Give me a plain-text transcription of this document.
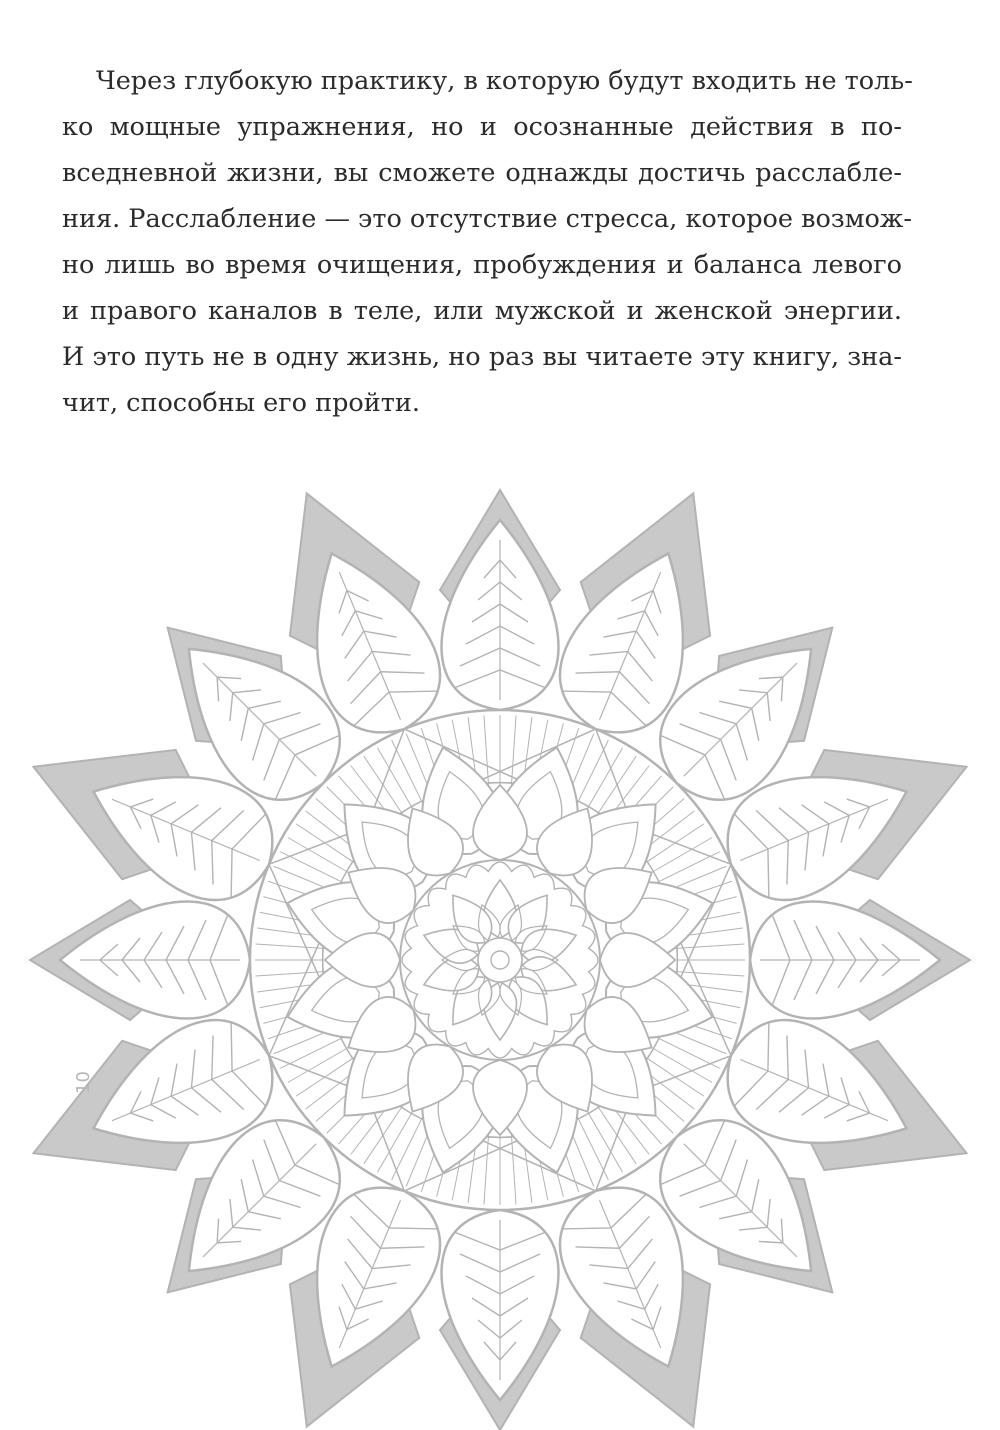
Через глубокую практику, в которую будут входить не толь-
ко мощные упражнения, но и осознанные действия в по-
вседневной жизни, вы сможете однажды достичь расслабле-
ния. Расслабление — это отсутствие стресса, которое возмож-
но лишь во время очищения, пробуждения и баланса левого
и правого каналов в теле, или мужской и женской энергии.
И это путь не в одну жизнь, но раз вы читаете эту книгу, зна-
чит, способны его пройти.
10
